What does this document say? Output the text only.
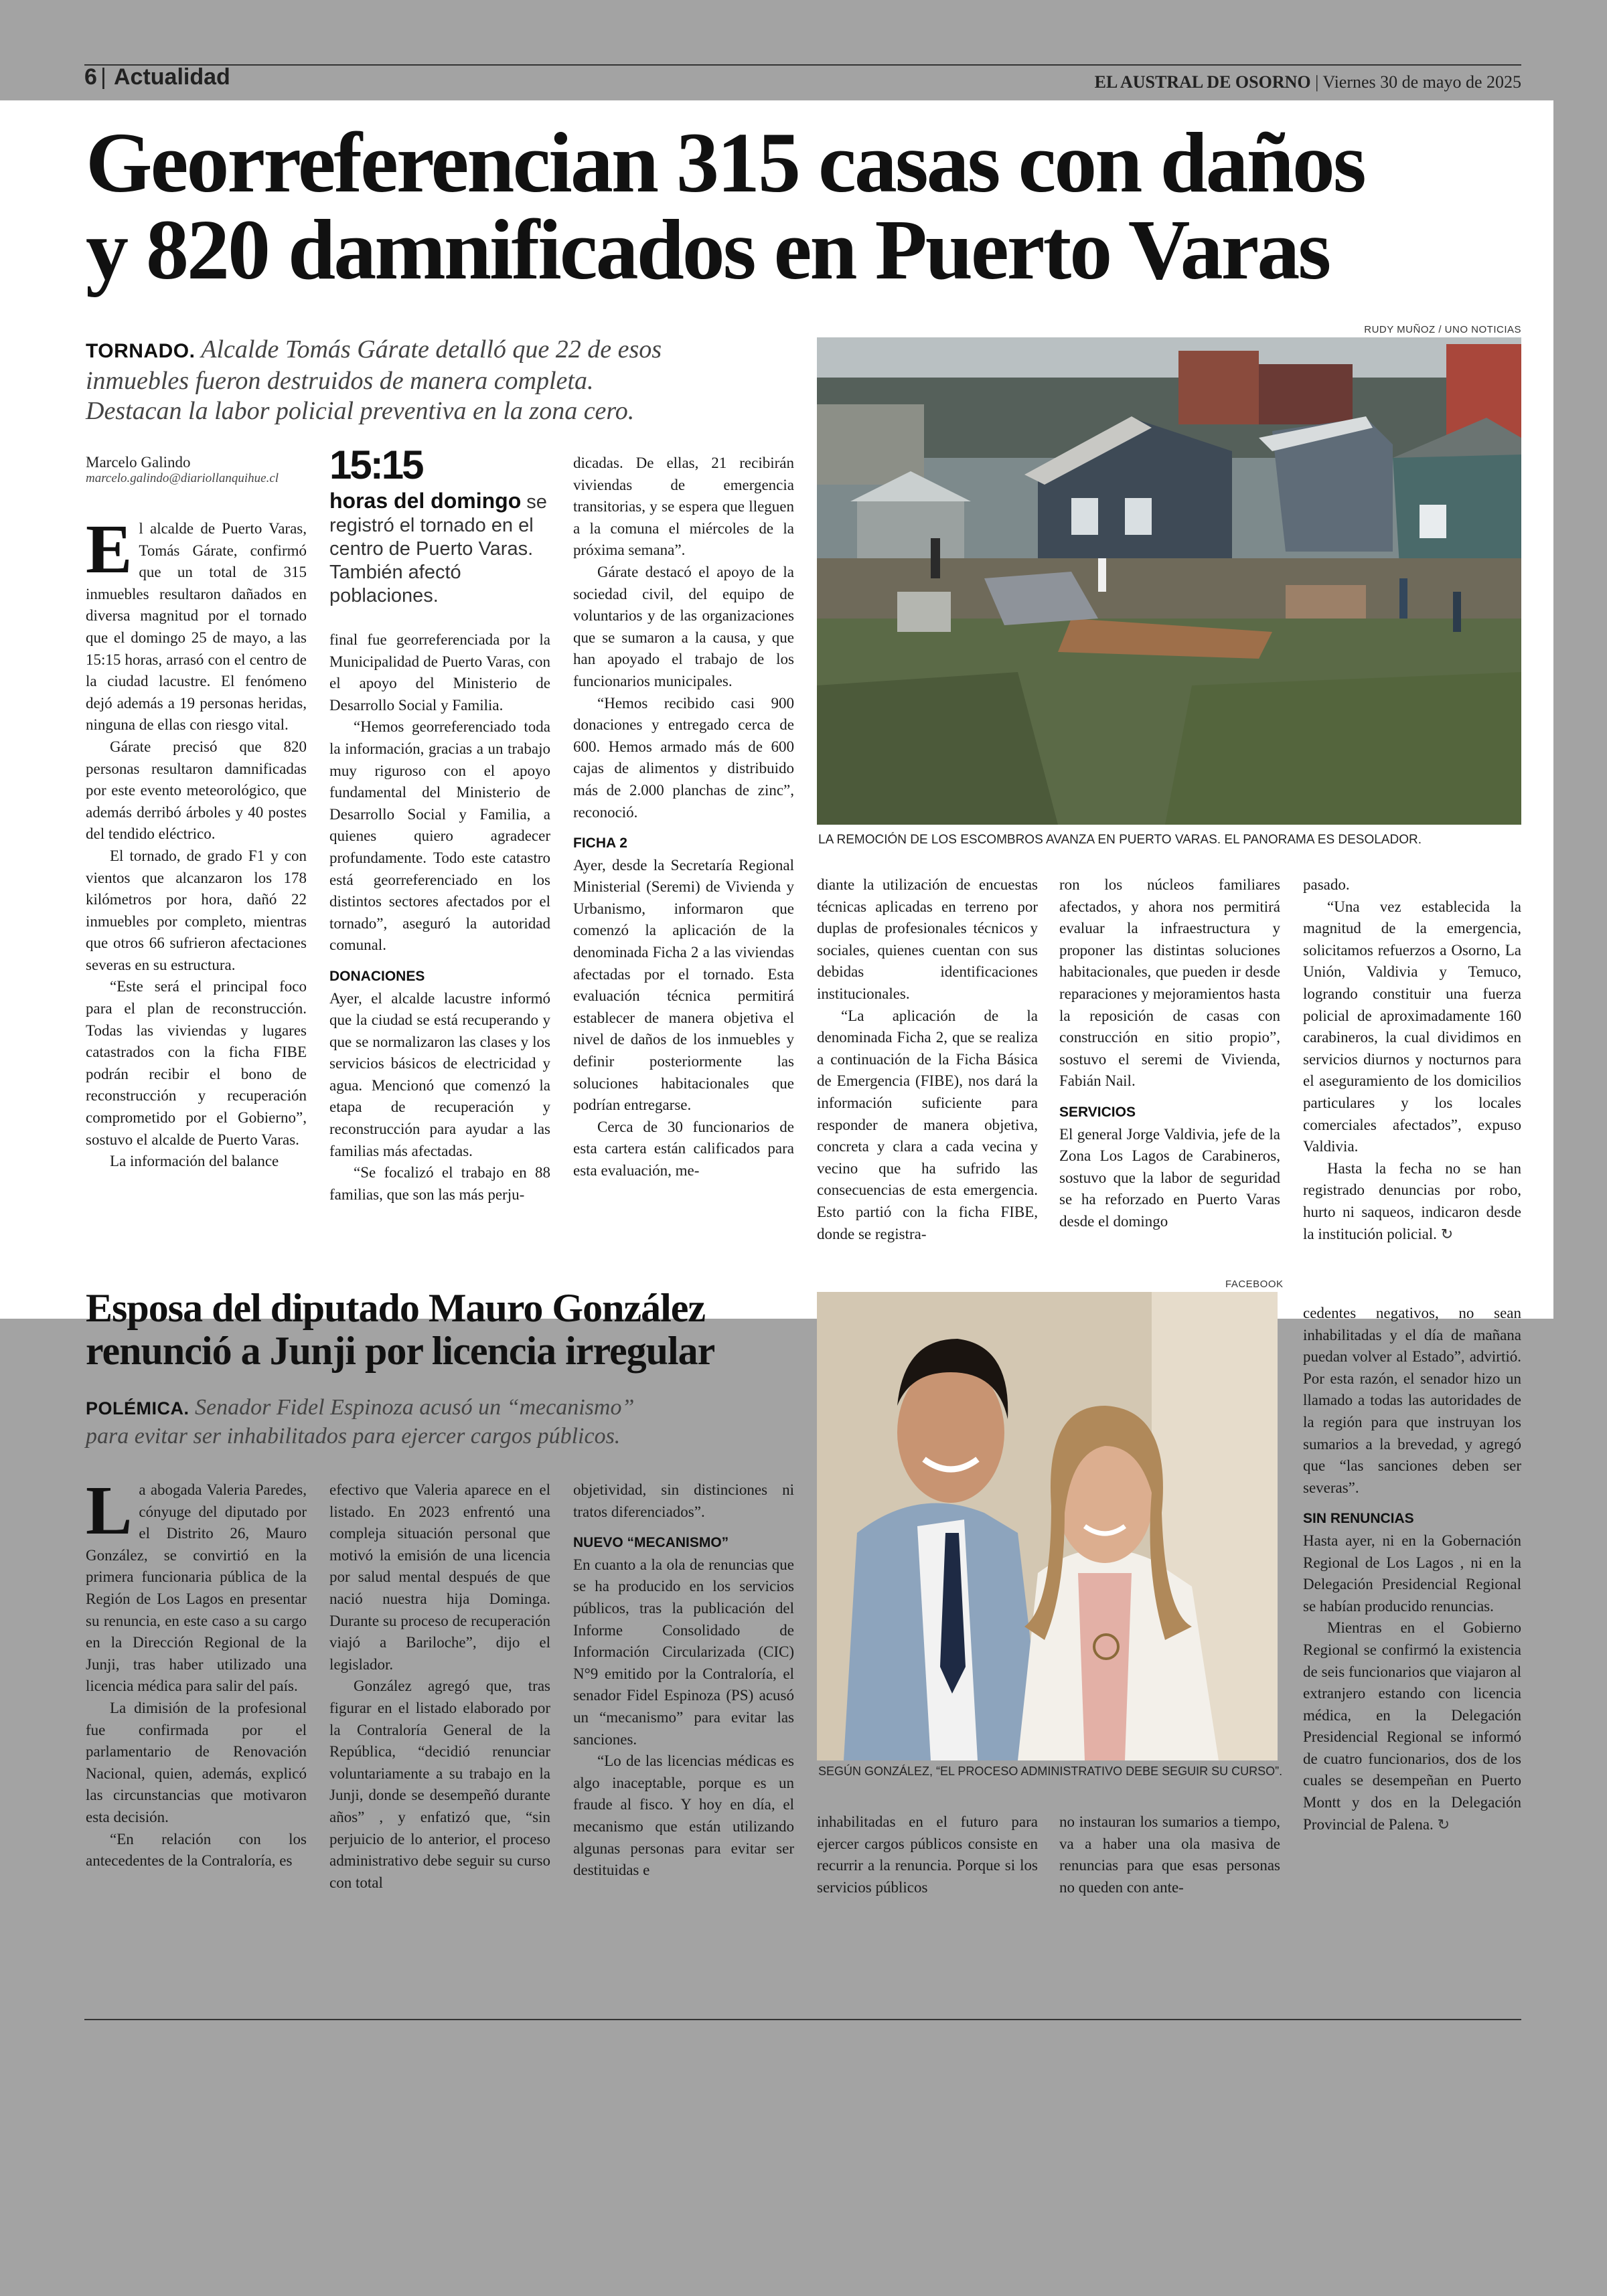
6 | Actualidad	EL AUSTRAL DE OSORNO | Viernes 30 de mayo de 2025
Georreferencian 315 casas con daños
y 820 damnificados en Puerto Varas
TORNADO. Alcalde Tomás Gárate detalló que 22 de esos
inmuebles fueron destruidos de manera completa.
Destacan la labor policial preventiva en la zona cero.
RUDY MUÑOZ / UNO NOTICIAS
LA REMOCIÓN DE LOS ESCOMBROS AVANZA EN PUERTO VARAS. EL PANORAMA ES DESOLADOR.
Marcelo Galindo
marcelo.galindo@diariollanquihue.cl	15:15
horas del domingo se registró el tornado en el centro de Puerto Varas. También afectó poblaciones.

El alcalde de Puerto Varas, Tomás Gárate, confirmó que un total de 315 inmuebles resultaron dañados en diversa magnitud por el tornado que el domingo 25 de mayo, a las 15:15 horas, arrasó con el centro de la ciudad lacustre. El fenómeno dejó además a 19 personas heridas, ninguna de ellas con riesgo vital.

Gárate precisó que 820 personas resultaron damnificadas por este evento meteorológico, que además derribó árboles y 40 postes del tendido eléctrico.

El tornado, de grado F1 y con vientos que alcanzaron los 178 kilómetros por hora, dañó 22 inmuebles por completo, mientras que otros 66 sufrieron afectaciones severas en su estructura.

“Este será el principal foco para el plan de reconstrucción. Todas las viviendas y lugares catastrados con la ficha FIBE podrán recibir el bono de reconstrucción y recuperación comprometido por el Gobierno”, sostuvo el alcalde de Puerto Varas.

La información del balance

final fue georreferenciada por la Municipalidad de Puerto Varas, con el apoyo del Ministerio de Desarrollo Social y Familia.

“Hemos georreferenciado toda la información, gracias a un trabajo muy riguroso con el apoyo fundamental del Ministerio de Desarrollo Social y Familia, a quienes quiero agradecer profundamente. Todo este catastro está georreferenciado en los distintos sectores afectados por el tornado”, aseguró la autoridad comunal.

DONACIONES

Ayer, el alcalde lacustre informó que la ciudad se está recuperando y que se normalizaron las clases y los servicios básicos de electricidad y agua. Mencionó que comenzó la etapa de recuperación y reconstrucción para ayudar a las familias más afectadas.

“Se focalizó el trabajo en 88 familias, que son las más perju-

dicadas. De ellas, 21 recibirán viviendas de emergencia transitorias, y se espera que lleguen a la comuna el miércoles de la próxima semana”.

Gárate destacó el apoyo de la sociedad civil, del equipo de voluntarios y de las organizaciones que se sumaron a la causa, y que han apoyado el trabajo de los funcionarios municipales.

“Hemos recibido casi 900 donaciones y entregado cerca de 600. Hemos armado más de 600 cajas de alimentos y distribuido más de 2.000 planchas de zinc”, reconoció.

FICHA 2

Ayer, desde la Secretaría Regional Ministerial (Seremi) de Vivienda y Urbanismo, informaron que comenzó la aplicación de la denominada Ficha 2 a las viviendas afectadas por el tornado. Esta evaluación técnica permitirá establecer de manera objetiva el nivel de daños de los inmuebles y definir posteriormente las soluciones habitacionales que podrían entregarse.

Cerca de 30 funcionarios de esta cartera están calificados para esta evaluación, me-

diante la utilización de encuestas técnicas aplicadas en terreno por duplas de profesionales técnicos y sociales, quienes cuentan con sus debidas identificaciones institucionales.

“La aplicación de la denominada Ficha 2, que se realiza a continuación de la Ficha Básica de Emergencia (FIBE), nos dará la información suficiente para responder de manera objetiva, concreta y clara a cada vecina y vecino que ha sufrido las consecuencias de esta emergencia. Esto partió con la ficha FIBE, donde se registra-

ron los núcleos familiares afectados, y ahora nos permitirá evaluar la infraestructura y proponer las distintas soluciones habitacionales, que pueden ir desde reparaciones y mejoramientos hasta la reposición de casas con construcción en sitio propio”, sostuvo el seremi de Vivienda, Fabián Nail.

SERVICIOS

El general Jorge Valdivia, jefe de la Zona Los Lagos de Carabineros, sostuvo que la labor de seguridad se ha reforzado en Puerto Varas desde el domingo

pasado.

“Una vez establecida la magnitud de la emergencia, solicitamos refuerzos a Osorno, La Unión, Valdivia y Temuco, logrando constituir una fuerza policial de aproximadamente 160 carabineros, la cual dividimos en servicios diurnos y nocturnos para el aseguramiento de los domicilios particulares y los locales comerciales afectados”, expuso Valdivia.

Hasta la fecha no se han registrado denuncias por robo, hurto ni saqueos, indicaron desde la institución policial. ↻

Esposa del diputado Mauro González
renunció a Junji por licencia irregular
POLÉMICA. Senador Fidel Espinoza acusó un “mecanismo”
para evitar ser inhabilitados para ejercer cargos públicos.
FACEBOOK
SEGÚN GONZÁLEZ, “EL PROCESO ADMINISTRATIVO DEBE SEGUIR SU CURSO”.

La abogada Valeria Paredes, cónyuge del diputado por el Distrito 26, Mauro González, se convirtió en la primera funcionaria pública de la Región de Los Lagos en presentar su renuncia, en este caso a su cargo en la Dirección Regional de la Junji, tras haber utilizado una licencia médica para salir del país.

La dimisión de la profesional fue confirmada por el parlamentario de Renovación Nacional, quien, además, explicó las circunstancias que motivaron esta decisión.

“En relación con los antecedentes de la Contraloría, es

efectivo que Valeria aparece en el listado. En 2023 enfrentó una compleja situación personal que motivó la emisión de una licencia por salud mental después de que nació nuestra hija Dominga. Durante su proceso de recuperación viajó a Bariloche”, dijo el legislador.

González agregó que, tras figurar en el listado elaborado por la Contraloría General de la República, “decidió renunciar voluntariamente a su trabajo en la Junji, donde se desempeñó durante años” , y enfatizó que, “sin perjuicio de lo anterior, el proceso administrativo debe seguir su curso con total

objetividad, sin distinciones ni tratos diferenciados”.

NUEVO “MECANISMO”

En cuanto a la ola de renuncias que se ha producido en los servicios públicos, tras la publicación del Informe Consolidado de Información Circularizada (CIC) N°9 emitido por la Contraloría, el senador Fidel Espinoza (PS) acusó un “mecanismo” para evitar las sanciones.

“Lo de las licencias médicas es algo inaceptable, porque es un fraude al fisco. Y hoy en día, el mecanismo que están utilizando algunas personas para evitar ser destituidas e

inhabilitadas en el futuro para ejercer cargos públicos consiste en recurrir a la renuncia. Porque si los servicios públicos

no instauran los sumarios a tiempo, va a haber una ola masiva de renuncias para que esas personas no queden con ante-

cedentes negativos, no sean inhabilitadas y el día de mañana puedan volver al Estado”, advirtió. Por esta razón, el senador hizo un llamado a todas las autoridades de la región para que instruyan los sumarios a la brevedad, y agregó que “las sanciones deben ser severas”.

SIN RENUNCIAS

Hasta ayer, ni en la Gobernación Regional de Los Lagos , ni en la Delegación Presidencial Regional se habían producido renuncias.

Mientras en el Gobierno Regional se confirmó la existencia de seis funcionarios que viajaron al extranjero estando con licencia médica, en la Delegación Presidencial Regional se informó de cuatro funcionarios, dos de los cuales se desempeñan en Puerto Montt y dos en la Delegación Provincial de Palena. ↻
